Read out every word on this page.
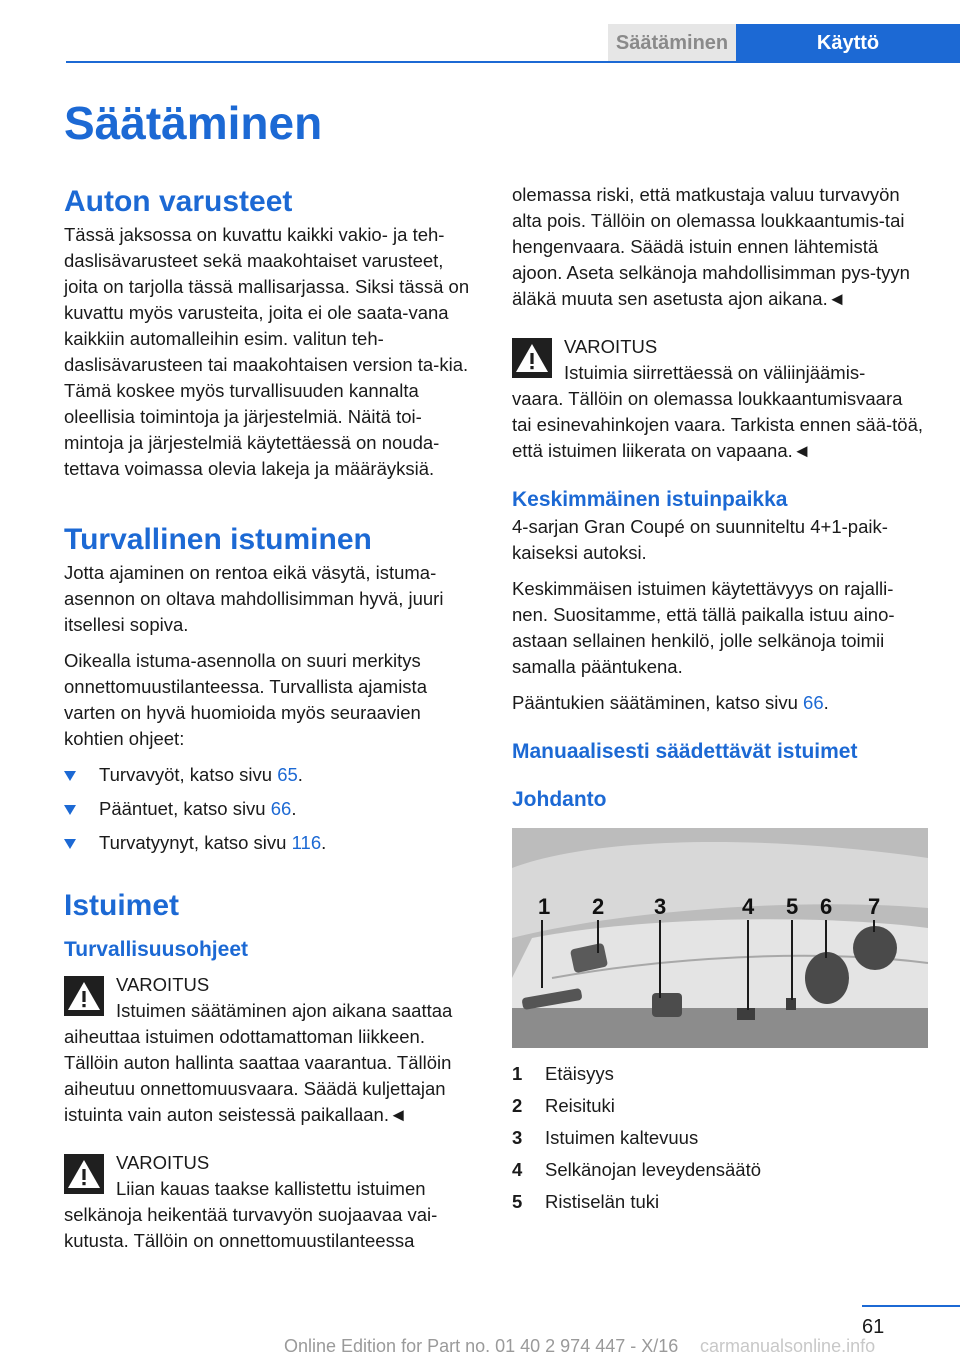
Säätäminen	Käyttö
Säätäminen
Auton varusteet

Tässä jaksossa on kuvattu kaikki vakio- ja teh-daslisävarusteet sekä maakohtaiset varusteet, joita on tarjolla tässä mallisarjassa. Siksi tässä on kuvattu myös varusteita, joita ei ole saata-vana kaikkiin automalleihin esim. valitun teh-daslisävarusteen tai maakohtaisen version ta-kia. Tämä koskee myös turvallisuuden kannalta oleellisia toimintoja ja järjestelmiä. Näitä toi-mintoja ja järjestelmiä käytettäessä on nouda-tettava voimassa olevia lakeja ja määräyksiä.

Turvallinen istuminen

Jotta ajaminen on rentoa eikä väsytä, istuma-asennon on oltava mahdollisimman hyvä, juuri itsellesi sopiva.

Oikealla istuma-asennolla on suuri merkitys onnettomuustilanteessa. Turvallista ajamista varten on hyvä huomioida myös seuraavien kohtien ohjeet:

Turvavyöt, katso sivu 65.
Pääntuet, katso sivu 66.
Turvatyynyt, katso sivu 116.
Istuimet
Turvallisuusohjeet
VAROITUS
Istuimen säätäminen ajon aikana saattaa
aiheuttaa istuimen odottamattoman liikkeen. Tällöin auton hallinta saattaa vaarantua. Tällöin aiheutuu onnettomuusvaara. Säädä kuljettajan istuinta vain auton seistessä paikallaan.◄
VAROITUS
Liian kauas taakse kallistettu istuimen
selkänoja heikentää turvavyön suojaavaa vai-kutusta. Tällöin on onnettomuustilanteessa

olemassa riski, että matkustaja valuu turvavyön alta pois. Tällöin on olemassa loukkaantumis-tai hengenvaara. Säädä istuin ennen lähtemistä ajoon. Aseta selkänoja mahdollisimman pys-tyyn äläkä muuta sen asetusta ajon aikana.◄

VAROITUS
Istuimia siirrettäessä on väliinjäämis-
vaara. Tällöin on olemassa loukkaantumisvaara tai esinevahinkojen vaara. Tarkista ennen sää-töä, että istuimen liikerata on vapaana.◄
Keskimmäinen istuinpaikka

4-sarjan Gran Coupé on suunniteltu 4+1-paik-kaiseksi autoksi.

Keskimmäisen istuimen käytettävyys on rajalli-nen. Suositamme, että tällä paikalla istuu aino-astaan sellainen henkilö, jolle selkänoja toimii samalla pääntukena.

Pääntukien säätäminen, katso sivu 66.

Manuaalisesti säädettävät istuimet
Johdanto
1 2 3	4 5 6 7
1	Etäisyys
2	Reisituki
3	Istuimen kaltevuus
4	Selkänojan leveydensäätö
5	Ristiselän tuki
61
Online Edition for Part no. 01 40 2 974 447 - X/16 carmanualsonline.info
